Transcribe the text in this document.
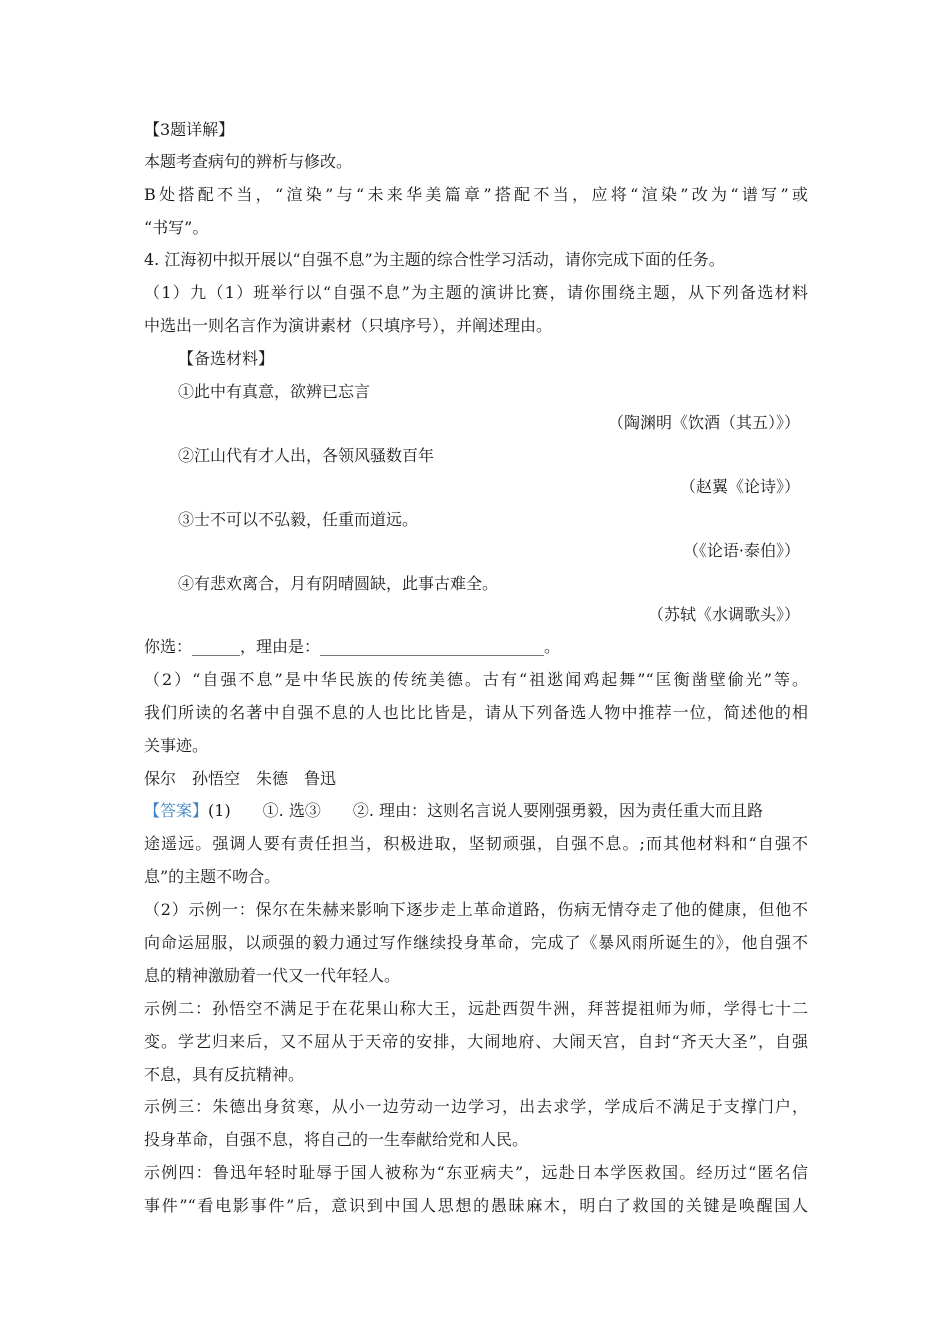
【3题详解】
本题考查病句的辨析与修改。
B处搭配不当，“渲染”与“未来华美篇章”搭配不当，应将“渲染”改为“谱写”或
“书写”。
4. 江海初中拟开展以“自强不息”为主题的综合性学习活动，请你完成下面的任务。
（1）九（1）班举行以“自强不息”为主题的演讲比赛，请你围绕主题，从下列备选材料
中选出一则名言作为演讲素材（只填序号），并阐述理由。
【备选材料】
①此中有真意，欲辨已忘言
（陶渊明《饮酒（其五）》）
②江山代有才人出，各领风骚数百年
（赵翼《论诗》）
③士不可以不弘毅，任重而道远。
（《论语·泰伯》）
④有悲欢离合，月有阴晴圆缺，此事古难全。
（苏轼《水调歌头》）
你选：______，理由是：____________________________。
（2）“自强不息”是中华民族的传统美德。古有“祖逖闻鸡起舞”“匡衡凿壁偷光”等。
我们所读的名著中自强不息的人也比比皆是，请从下列备选人物中推荐一位，简述他的相
关事迹。
保尔　孙悟空　朱德　鲁迅
【答案】(1)　　①. 选③　　②. 理由：这则名言说人要刚强勇毅，因为责任重大而且路
途遥远。强调人要有责任担当，积极进取，坚韧顽强，自强不息。;而其他材料和“自强不
息”的主题不吻合。
（2）示例一：保尔在朱赫来影响下逐步走上革命道路，伤病无情夺走了他的健康，但他不
向命运屈服，以顽强的毅力通过写作继续投身革命，完成了《暴风雨所诞生的》，他自强不
息的精神激励着一代又一代年轻人。
示例二：孙悟空不满足于在花果山称大王，远赴西贺牛洲，拜菩提祖师为师，学得七十二
变。学艺归来后，又不屈从于天帝的安排，大闹地府、大闹天宫，自封“齐天大圣”，自强
不息，具有反抗精神。
示例三：朱德出身贫寒，从小一边劳动一边学习，出去求学，学成后不满足于支撑门户，
投身革命，自强不息，将自己的一生奉献给党和人民。
示例四：鲁迅年轻时耻辱于国人被称为“东亚病夫”，远赴日本学医救国。经历过“匿名信
事件”“看电影事件”后，意识到中国人思想的愚昧麻木，明白了救国的关键是唤醒国人
